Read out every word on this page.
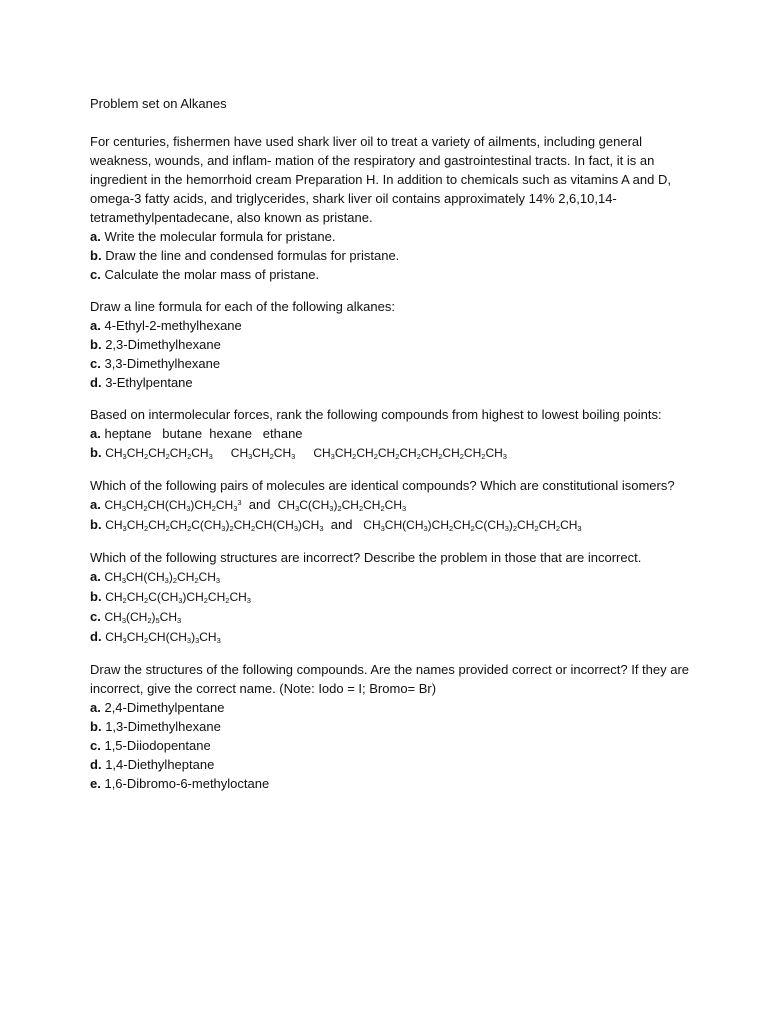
Problem set on Alkanes

For centuries, fishermen have used shark liver oil to treat a variety of ailments, including general weakness, wounds, and inflam- mation of the respiratory and gastrointestinal tracts. In fact, it is an ingredient in the hemorrhoid cream Preparation H. In addition to chemicals such as vitamins A and D, omega-3 fatty acids, and triglycerides, shark liver oil contains approximately 14% 2,6,10,14-tetramethylpentadecane, also known as pristane.

a. Write the molecular formula for pristane.

b. Draw the line and condensed formulas for pristane.

c. Calculate the molar mass of pristane.

Draw a line formula for each of the following alkanes:

a. 4-Ethyl-2-methylhexane

b. 2,3-Dimethylhexane

c. 3,3-Dimethylhexane

d. 3-Ethylpentane

Based on intermolecular forces, rank the following compounds from highest to lowest boiling points:

a. heptane   butane  hexane   ethane

b. $CH_3CH_2CH_2CH_2CH_3$ $CH_3CH_2CH_3$ $CH_3CH_2CH_2CH_2CH_2CH_2CH_2CH_2CH_3$

Which of the following pairs of molecules are identical compounds? Which are constitutional isomers?

a. $CH_3CH_2CH(CH_3)CH_2CH_3^3$ and $CH_3C(CH_3)_2CH_2CH_2CH_3$

b. $CH_3CH_2CH_2CH_2C(CH_3)_2CH_2CH(CH_3)CH_3$ and $CH_3CH(CH_3)CH_2CH_2C(CH_3)_2CH_2CH_2CH_3$

Which of the following structures are incorrect? Describe the problem in those that are incorrect.

a. $CH_3CH(CH_3)_2CH_2CH_3$

b. $CH_2CH_2C(CH_3)CH_2CH_2CH_3$

c. $CH_3(CH_2)_5CH_3$

d. $CH_3CH_2CH(CH_3)_3CH_3$

Draw the structures of the following compounds. Are the names provided correct or incorrect? If they are incorrect, give the correct name. (Note: Iodo = I; Bromo= Br)

a. 2,4-Dimethylpentane

b. 1,3-Dimethylhexane

c. 1,5-Diiodopentane

d. 1,4-Diethylheptane

e. 1,6-Dibromo-6-methyloctane
